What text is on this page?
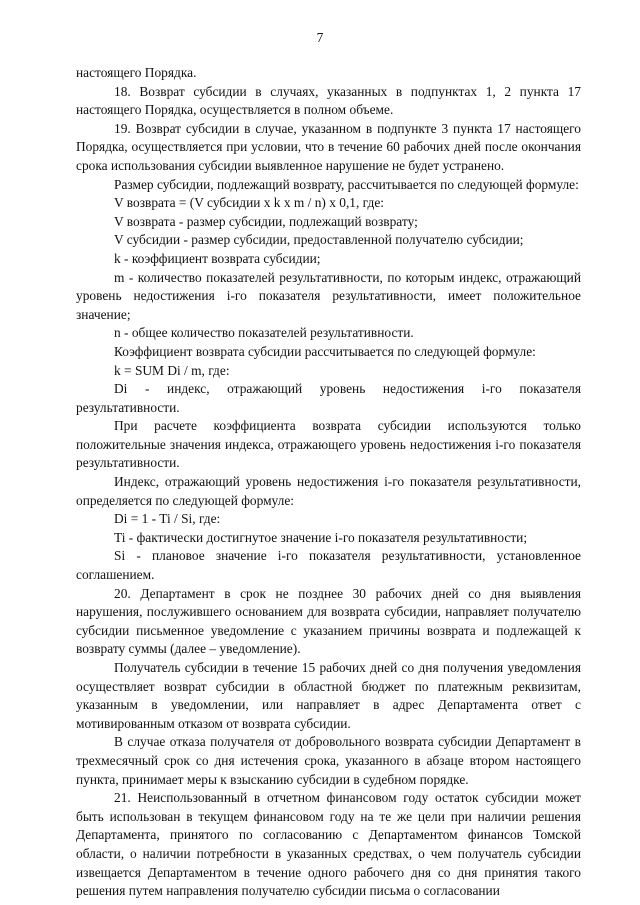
7

настоящего Порядка.

18. Возврат субсидии в случаях, указанных в подпунктах 1, 2 пункта 17 настоящего Порядка, осуществляется в полном объеме.

19. Возврат субсидии в случае, указанном в подпункте 3 пункта 17 настоящего Порядка, осуществляется при условии, что в течение 60 рабочих дней после окончания срока использования субсидии выявленное нарушение не будет устранено.

Размер субсидии, подлежащий возврату, рассчитывается по следующей формуле:

V возврата = (V субсидии x k x m / n) x 0,1, где:

V возврата - размер субсидии, подлежащий возврату;

V субсидии - размер субсидии, предоставленной получателю субсидии;

k - коэффициент возврата субсидии;

m - количество показателей результативности, по которым индекс, отражающий уровень недостижения i-го показателя результативности, имеет положительное значение;

n - общее количество показателей результативности.

Коэффициент возврата субсидии рассчитывается по следующей формуле:

k = SUM Di / m, где:

Di - индекс, отражающий уровень недостижения i-го показателя результативности.

При расчете коэффициента возврата субсидии используются только положительные значения индекса, отражающего уровень недостижения i-го показателя результативности.

Индекс, отражающий уровень недостижения i-го показателя результативности, определяется по следующей формуле:

Di = 1 - Ti / Si, где:

Ti - фактически достигнутое значение i-го показателя результативности;

Si - плановое значение i-го показателя результативности, установленное соглашением.

20. Департамент в срок не позднее 30 рабочих дней со дня выявления нарушения, послужившего основанием для возврата субсидии, направляет получателю субсидии письменное уведомление с указанием причины возврата и подлежащей к возврату суммы (далее – уведомление).

Получатель субсидии в течение 15 рабочих дней со дня получения уведомления осуществляет возврат субсидии в областной бюджет по платежным реквизитам, указанным в уведомлении, или направляет в адрес Департамента ответ с мотивированным отказом от возврата субсидии.

В случае отказа получателя от добровольного возврата субсидии Департамент в трехмесячный срок со дня истечения срока, указанного в абзаце втором настоящего пункта, принимает меры к взысканию субсидии в судебном порядке.

21. Неиспользованный в отчетном финансовом году остаток субсидии может быть использован в текущем финансовом году на те же цели при наличии решения Департамента, принятого по согласованию с Департаментом финансов Томской области, о наличии потребности в указанных средствах, о чем получатель субсидии извещается Департаментом в течение одного рабочего дня со дня принятия такого решения путем направления получателю субсидии письма о согласовании
